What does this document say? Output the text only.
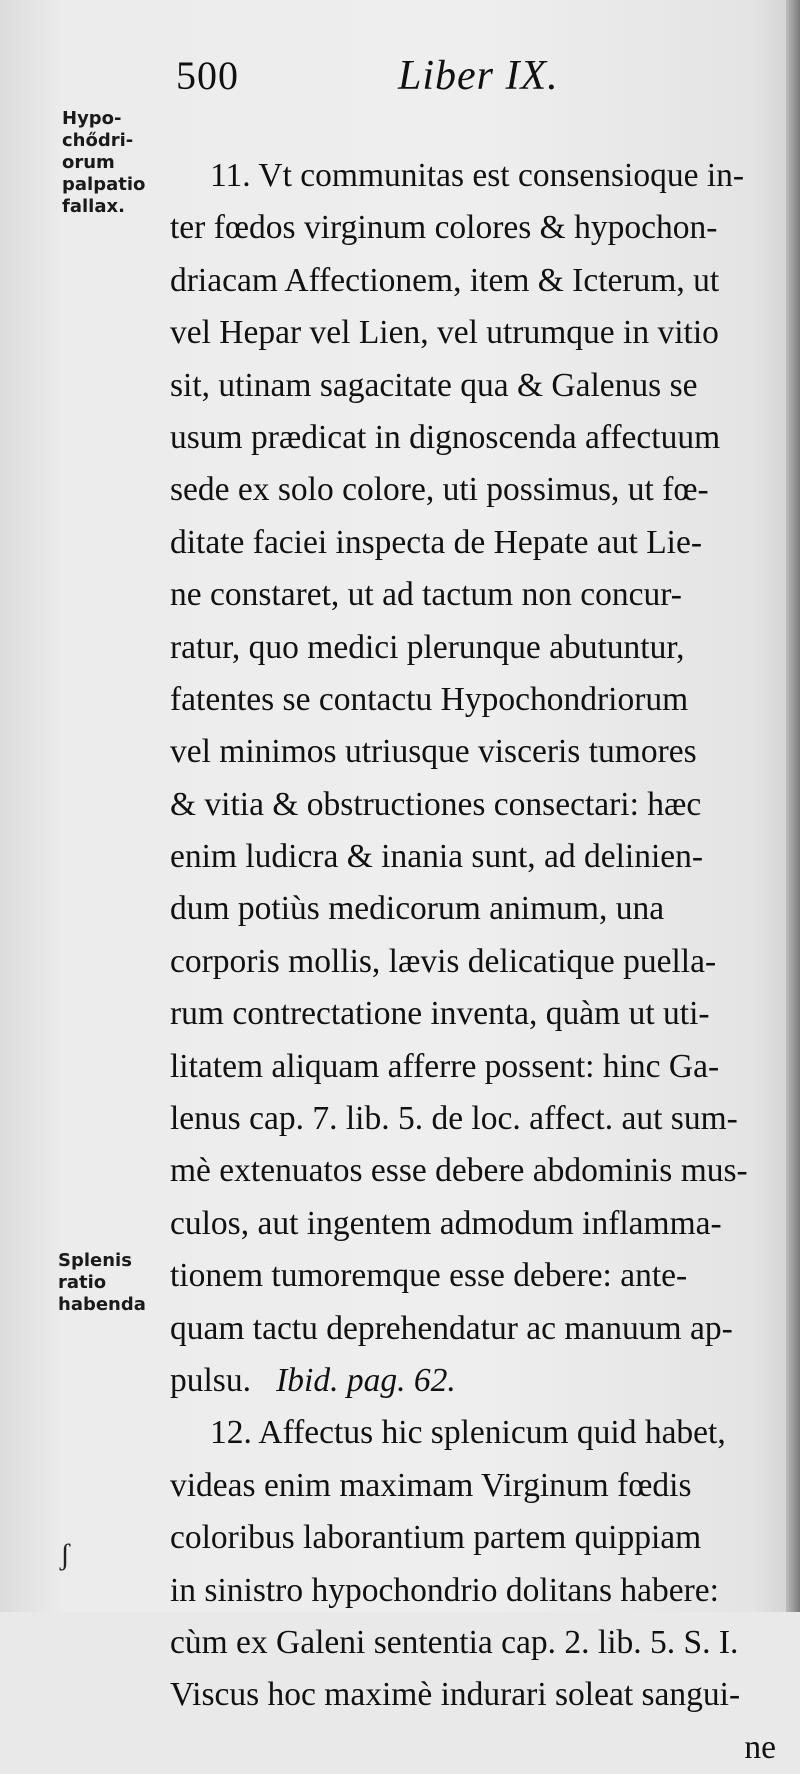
500	Liber IX.
Hypo-
chődri-
orum
palpatio
fallax.
Splenis
ratio
habenda
11. Vt communitas est consensioque in-
ter fœdos virginum colores & hypochon-
driacam Affectionem, item & Icterum, ut
vel Hepar vel Lien, vel utrumque in vitio
sit, utinam sagacitate qua & Galenus se
usum prædicat in dignoscenda affectuum
sede ex solo colore, uti possimus, ut fœ-
ditate faciei inspecta de Hepate aut Lie-
ne constaret, ut ad tactum non concur-
ratur, quo medici plerunque abutuntur,
fatentes se contactu Hypochondriorum
vel minimos utriusque visceris tumores
& vitia & obstructiones consectari: hæc
enim ludicra & inania sunt, ad delinien-
dum potiùs medicorum animum, una
corporis mollis, lævis delicatique puella-
rum contrectatione inventa, quàm ut uti-
litatem aliquam afferre possent: hinc Ga-
lenus cap. 7. lib. 5. de loc. affect. aut sum-
mè extenuatos esse debere abdominis mus-
culos, aut ingentem admodum inflamma-
tionem tumoremque esse debere: ante-
quam tactu deprehendatur ac manuum ap-
pulsu. Ibid. pag. 62.
12. Affectus hic splenicum quid habet,
videas enim maximam Virginum fœdis
coloribus laborantium partem quippiam
in sinistro hypochondrio dolitans habere:
cùm ex Galeni sententia cap. 2. lib. 5. S. I.
Viscus hoc maximè indurari soleat sangui-
ne
ʃ
